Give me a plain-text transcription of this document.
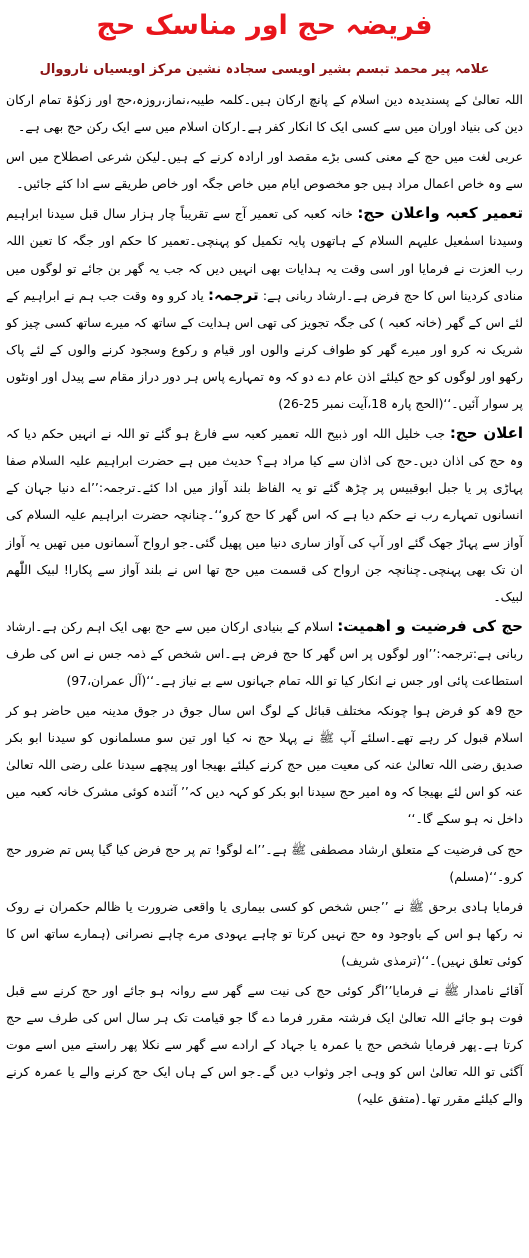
فریضہ حج اور مناسک حج
علامہ پیر محمد تبسم بشیر اویسی سجادہ نشین مرکز اویسیاں نارووال

اللہ تعالیٰ کے پسندیدہ دین اسلام کے پانچ ارکان ہیں۔کلمہ طیبہ،نماز،روزہ،حج اور زکوٰۃ تمام ارکان دین کی بنیاد اوران میں سے کسی ایک کا انکار کفر ہے۔ارکان اسلام میں سے ایک رکن حج بھی ہے۔

عربی لغت میں حج کے معنی کسی بڑے مقصد اور ارادہ کرنے کے ہیں۔لیکن شرعی اصطلاح میں اس سے وہ خاص اعمال مراد ہیں جو مخصوص ایام میں خاص جگہ اور خاص طریقے سے ادا کئے جائیں۔

تعمیر کعبہ واعلان حج: خانہ کعبہ کی تعمیر آج سے تقریباً چار ہزار سال قبل سیدنا ابراہیم وسیدنا اسمٰعیل علیہم السلام کے ہاتھوں پایہ تکمیل کو پہنچی۔تعمیر کا حکم اور جگہ کا تعین اللہ رب العزت نے فرمایا اور اسی وقت یہ ہدایات بھی انہیں دیں کہ جب یہ گھر بن جائے تو لوگوں میں منادی کردینا اس کا حج فرض ہے۔ارشاد ربانی ہے: ترجمہ: یاد کرو وہ وقت جب ہم نے ابراہیم کے لئے اس کے گھر (خانہ کعبہ ) کی جگہ تجویز کی تھی اس ہدایت کے ساتھ کہ میرے ساتھ کسی چیز کو شریک نہ کرو اور میرے گھر کو طواف کرنے والوں اور قیام و رکوع وسجود کرنے والوں کے لئے پاک رکھو اور لوگوں کو حج کیلئے اذن عام دے دو کہ وہ تمہارے پاس ہر دور دراز مقام سے پیدل اور اونٹوں پر سوار آئیں۔‘‘(الحج پارہ 18،آیت نمبر 25-26)

اعلان حج: جب خلیل اللہ اور ذبیح اللہ تعمیر کعبہ سے فارغ ہو گئے تو اللہ نے انہیں حکم دیا کہ وہ حج کی اذان دیں۔حج کی اذان سے کیا مراد ہے؟ حدیث میں ہے حضرت ابراہیم علیہ السلام صفا پہاڑی پر یا جبل ابوقبیس پر چڑھ گئے تو یہ الفاظ بلند آواز میں ادا کئے۔ترجمہ:’’اے دنیا جہان کے انسانوں تمہارے رب نے حکم دیا ہے کہ اس گھر کا حج کرو‘‘۔چنانچہ حضرت ابراہیم علیہ السلام کی آواز سے پہاڑ جھک گئے اور آپ کی آواز ساری دنیا میں پھیل گئی۔جو ارواح آسمانوں میں تھیں یہ آواز ان تک بھی پہنچی۔چنانچہ جن ارواح کی قسمت میں حج تھا اس نے بلند آواز سے پکارا! لبیک اللّٰھم لبیک۔

حج کی فرضیت و اھمیت: اسلام کے بنیادی ارکان میں سے حج بھی ایک اہم رکن ہے۔ارشاد ربانی ہے:ترجمہ:’’اور لوگوں پر اس گھر کا حج فرض ہے۔اس شخص کے ذمہ جس نے اس کی طرف استطاعت پائی اور جس نے انکار کیا تو اللہ تمام جہانوں سے بے نیاز ہے۔‘‘(آل عمران،97)

حج 9ھ کو فرض ہوا چونکہ مختلف قبائل کے لوگ اس سال جوق در جوق مدینہ میں حاضر ہو کر اسلام قبول کر رہے تھے۔اسلئے آپ ﷺ نے پہلا حج نہ کیا اور تین سو مسلمانوں کو سیدنا ابو بکر صدیق رضی اللہ تعالیٰ عنہ کی معیت میں حج کرنے کیلئے بھیجا اور پیچھے سیدنا علی رضی اللہ تعالیٰ عنہ کو اس لئے بھیجا کہ وہ امیر حج سیدنا ابو بکر کو کہہ دیں کہ’’ آئندہ کوئی مشرک خانہ کعبہ میں داخل نہ ہو سکے گا۔‘‘

حج کی فرضیت کے متعلق ارشاد مصطفی ﷺ ہے۔’’اے لوگو! تم پر حج فرض کیا گیا پس تم ضرور حج کرو۔‘‘(مسلم)

فرمایا ہادی برحق ﷺ نے ’’جس شخص کو کسی بیماری یا واقعی ضرورت یا ظالم حکمران نے روک نہ رکھا ہو اس کے باوجود وہ حج نہیں کرتا تو چاہے یہودی مرے چاہے نصرانی (ہمارے ساتھ اس کا کوئی تعلق نہیں)۔‘‘(ترمذی شریف)

آقائے نامدار ﷺ نے فرمایا’’اگر کوئی حج کی نیت سے گھر سے روانہ ہو جائے اور حج کرنے سے قبل فوت ہو جائے اللہ تعالیٰ ایک فرشتہ مقرر فرما دے گا جو قیامت تک ہر سال اس کی طرف سے حج کرتا ہے۔پھر فرمایا شخص حج یا عمرہ یا جہاد کے ارادے سے گھر سے نکلا پھر راستے میں اسے موت آگئی تو اللہ تعالیٰ اس کو وہی اجر وثواب دیں گے۔جو اس کے ہاں ایک حج کرنے والے یا عمرہ کرنے والے کیلئے مقرر تھا۔(متفق علیہ)
